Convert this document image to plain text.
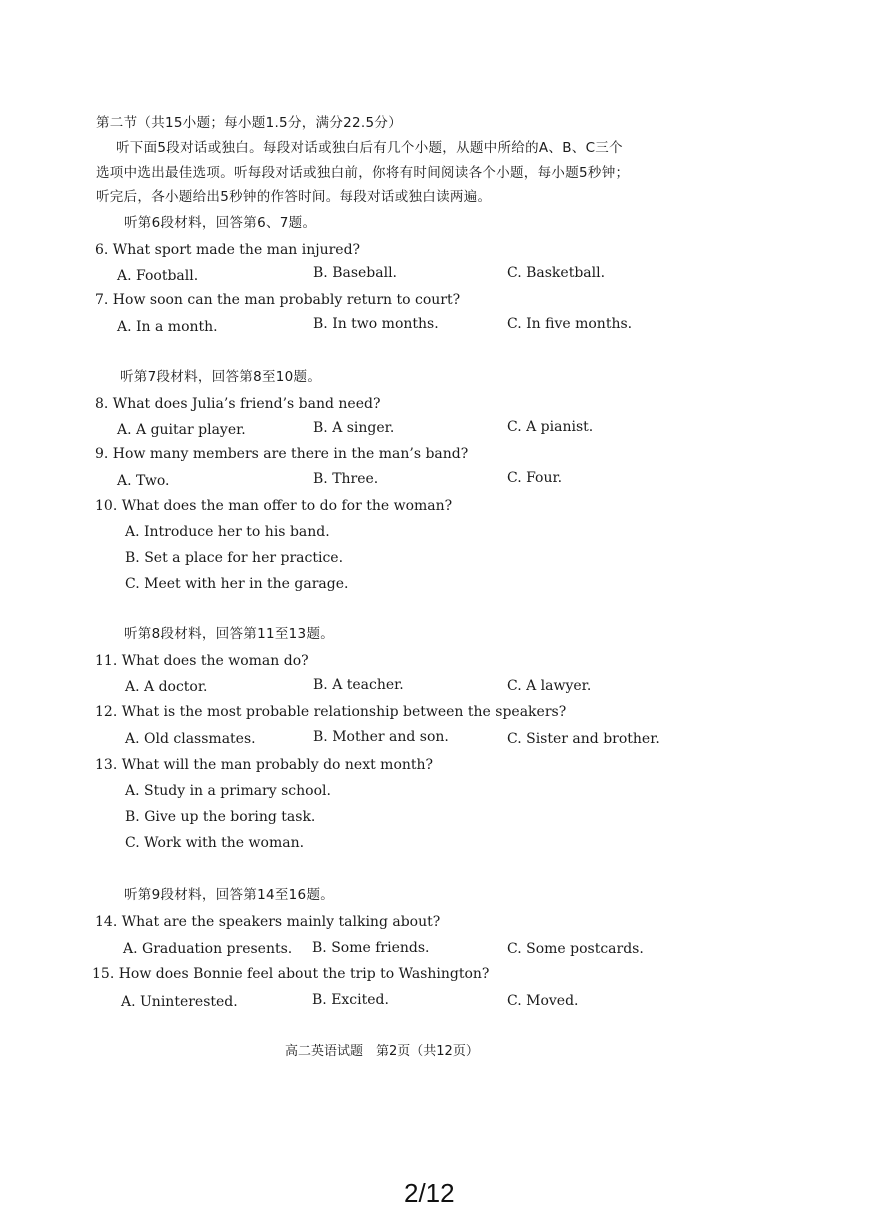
第二节（共15小题；每小题1.5分，满分22.5分）
听下面5段对话或独白。每段对话或独白后有几个小题，从题中所给的A、B、C三个
选项中选出最佳选项。听每段对话或独白前，你将有时间阅读各个小题，每小题5秒钟；
听完后，各小题给出5秒钟的作答时间。每段对话或独白读两遍。
听第6段材料，回答第6、7题。
6. What sport made the man injured?
A. Football.	B. Baseball.	C. Basketball.
7. How soon can the man probably return to court?
A. In a month.	B. In two months.	C. In five months.
听第7段材料，回答第8至10题。
8. What does Julia’s friend’s band need?
A. A guitar player.	B. A singer.	C. A pianist.
9. How many members are there in the man’s band?
A. Two.	B. Three.	C. Four.
10. What does the man offer to do for the woman?
A. Introduce her to his band.
B. Set a place for her practice.
C. Meet with her in the garage.
听第8段材料，回答第11至13题。
11. What does the woman do?
A. A doctor.	B. A teacher.	C. A lawyer.
12. What is the most probable relationship between the speakers?
A. Old classmates.	B. Mother and son.	C. Sister and brother.
13. What will the man probably do next month?
A. Study in a primary school.
B. Give up the boring task.
C. Work with the woman.
听第9段材料，回答第14至16题。
14. What are the speakers mainly talking about?
A. Graduation presents. B. Some friends.	C. Some postcards.
15. How does Bonnie feel about the trip to Washington?
A. Uninterested.	B. Excited.	C. Moved.
高二英语试题　第2页（共12页）
2/12
